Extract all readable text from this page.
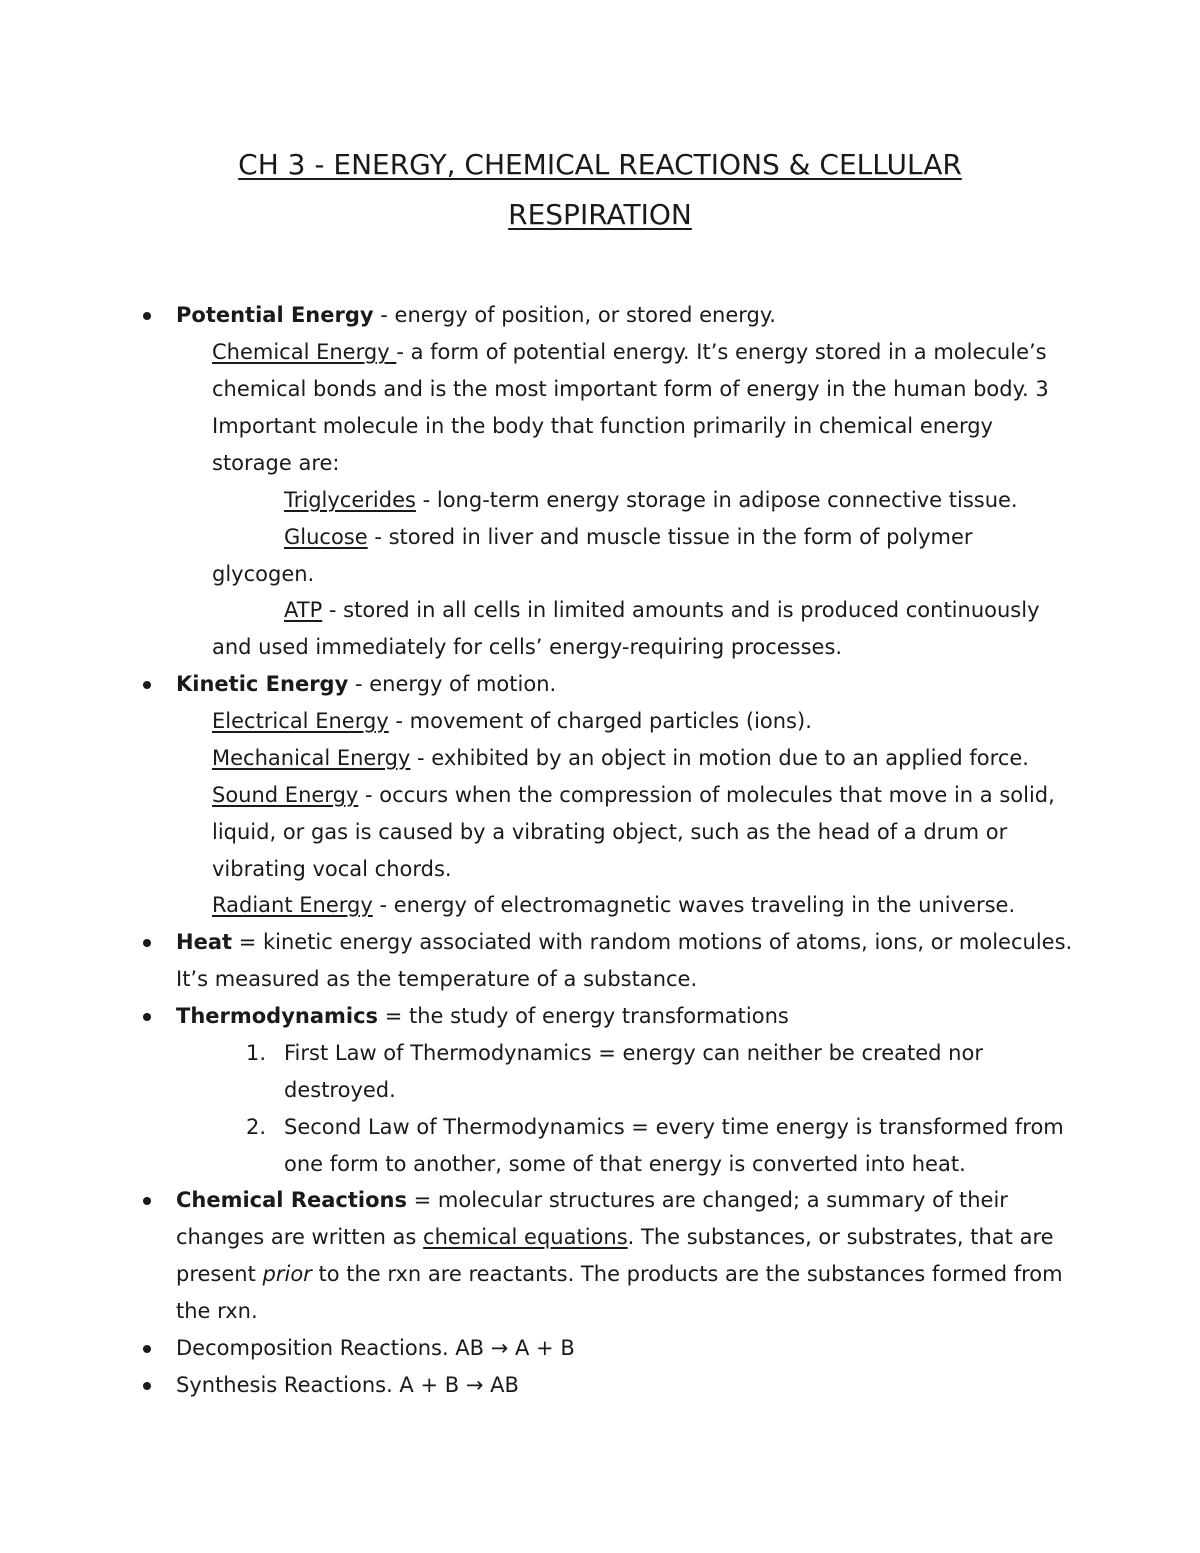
CH 3 - ENERGY, CHEMICAL REACTIONS & CELLULAR
RESPIRATION
Potential Energy - energy of position, or stored energy.
Chemical Energy - a form of potential energy. It’s energy stored in a molecule’s
chemical bonds and is the most important form of energy in the human body. 3
Important molecule in the body that function primarily in chemical energy
storage are:
Triglycerides - long-term energy storage in adipose connective tissue.
Glucose - stored in liver and muscle tissue in the form of polymer
glycogen.
ATP - stored in all cells in limited amounts and is produced continuously
and used immediately for cells’ energy-requiring processes.
Kinetic Energy - energy of motion.
Electrical Energy - movement of charged particles (ions).
Mechanical Energy - exhibited by an object in motion due to an applied force.
Sound Energy - occurs when the compression of molecules that move in a solid,
liquid, or gas is caused by a vibrating object, such as the head of a drum or
vibrating vocal chords.
Radiant Energy - energy of electromagnetic waves traveling in the universe.
Heat = kinetic energy associated with random motions of atoms, ions, or molecules.
It’s measured as the temperature of a substance.
Thermodynamics = the study of energy transformations
1. First Law of Thermodynamics = energy can neither be created nor
destroyed.
2. Second Law of Thermodynamics = every time energy is transformed from
one form to another, some of that energy is converted into heat.
Chemical Reactions = molecular structures are changed; a summary of their
changes are written as chemical equations. The substances, or substrates, that are
present prior to the rxn are reactants. The products are the substances formed from
the rxn.
Decomposition Reactions. AB → A + B
Synthesis Reactions. A + B → AB
